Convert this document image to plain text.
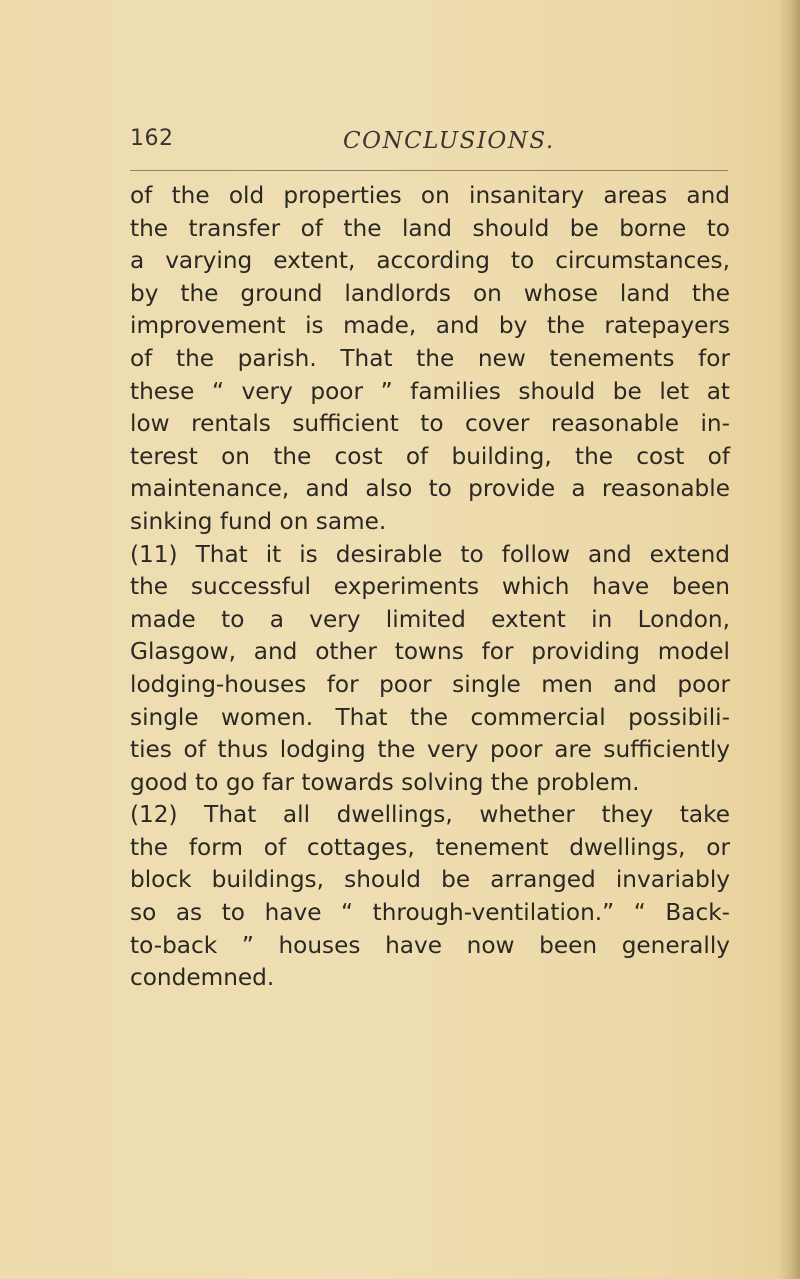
162	CONCLUSIONS.
of the old properties on insanitary areas and
the transfer of the land should be borne to
a varying extent, according to circumstances,
by the ground landlords on whose land the
improvement is made, and by the ratepayers
of the parish. That the new tenements for
these “ very poor ” families should be let at
low rentals sufficient to cover reasonable in-
terest on the cost of building, the cost of
maintenance, and also to provide a reasonable
sinking fund on same.
(11) That it is desirable to follow and extend
the successful experiments which have been
made to a very limited extent in London,
Glasgow, and other towns for providing model
lodging-houses for poor single men and poor
single women. That the commercial possibili-
ties of thus lodging the very poor are sufficiently
good to go far towards solving the problem.
(12) That all dwellings, whether they take
the form of cottages, tenement dwellings, or
block buildings, should be arranged invariably
so as to have “ through-ventilation.” “ Back-
to-back ” houses have now been generally
condemned.
